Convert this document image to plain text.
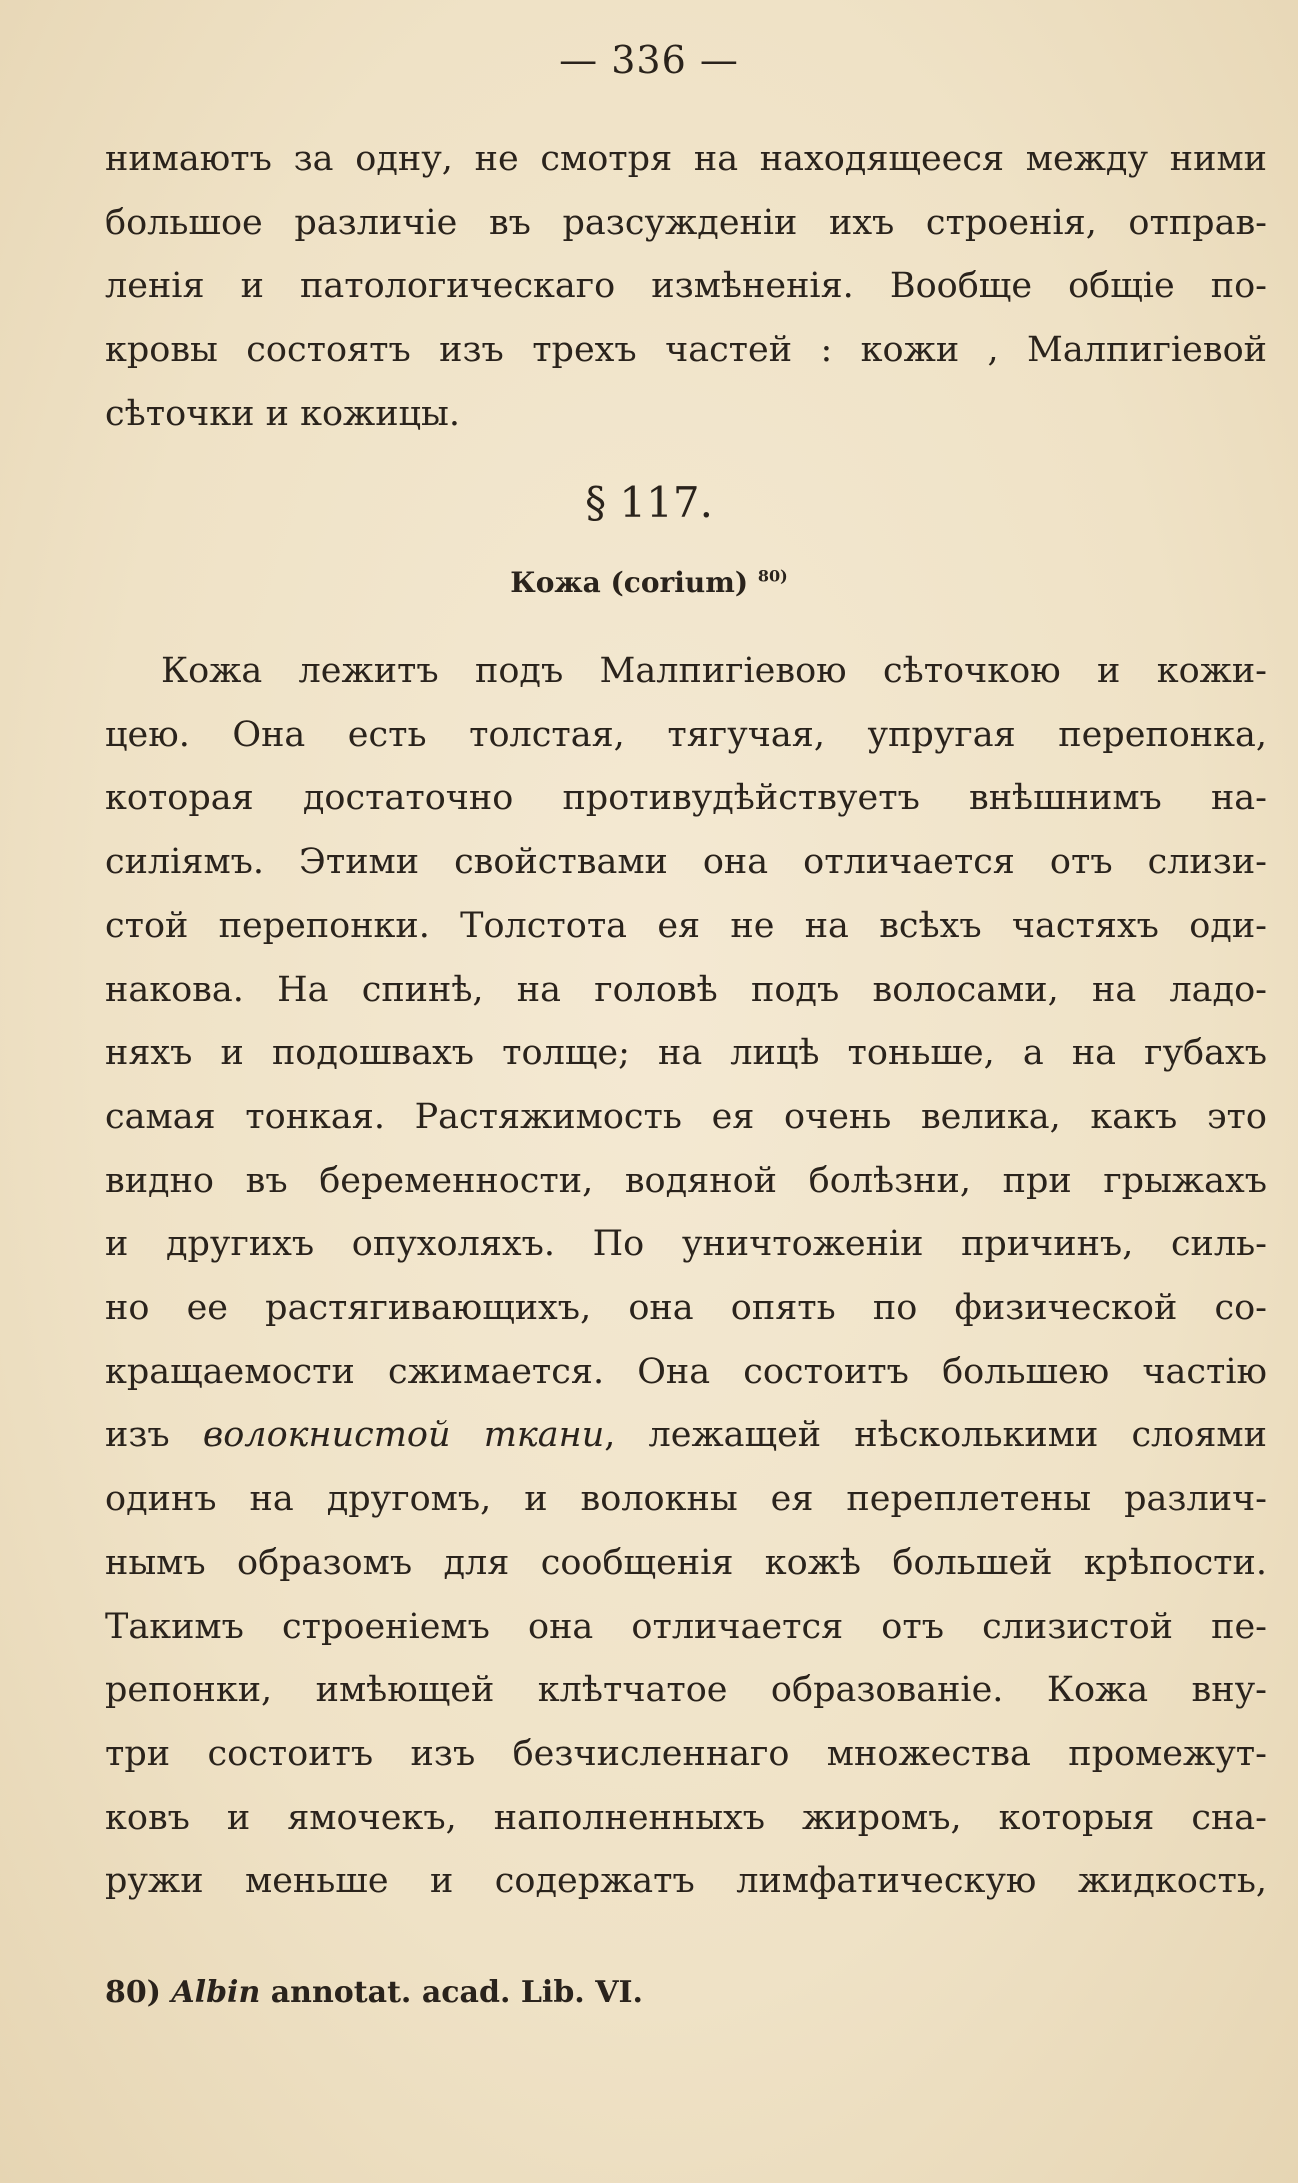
— 336 —
нимаютъ за одну, не смотря на находящееся между ними
большое различіе въ разсужденіи ихъ строенія, отправ-
ленія и патологическаго измѣненія. Вообще общіе по-
кровы состоятъ изъ трехъ частей : кожи , Малпигіевой
сѣточки и кожицы.
§ 117.
Кожа (corium) $^{80)}$
Кожа лежитъ подъ Малпигіевою сѣточкою и кожи-
цею. Она есть толстая, тягучая, упругая перепонка,
которая достаточно противудѣйствуетъ внѣшнимъ на-
силіямъ. Этими свойствами она отличается отъ слизи-
стой перепонки. Толстота ея не на всѣхъ частяхъ оди-
накова. На спинѣ, на головѣ подъ волосами, на ладо-
няхъ и подошвахъ толще; на лицѣ тоньше, а на губахъ
самая тонкая. Растяжимость ея очень велика, какъ это
видно въ беременности, водяной болѣзни, при грыжахъ
и другихъ опухоляхъ. По уничтоженіи причинъ, силь-
но ее растягивающихъ, она опять по физической со-
кращаемости сжимается. Она состоитъ большею частію
изъ волокнистой ткани, лежащей нѣсколькими слоями
одинъ на другомъ, и волокны ея переплетены различ-
нымъ образомъ для сообщенія кожѣ большей крѣпости.
Такимъ строеніемъ она отличается отъ слизистой пе-
репонки, имѣющей клѣтчатое образованіе. Кожа вну-
три состоитъ изъ безчисленнаго множества промежут-
ковъ и ямочекъ, наполненныхъ жиромъ, которыя сна-
ружи меньше и содержатъ лимфатическую жидкость,
80) Albin annotat. acad. Lib. VI.
